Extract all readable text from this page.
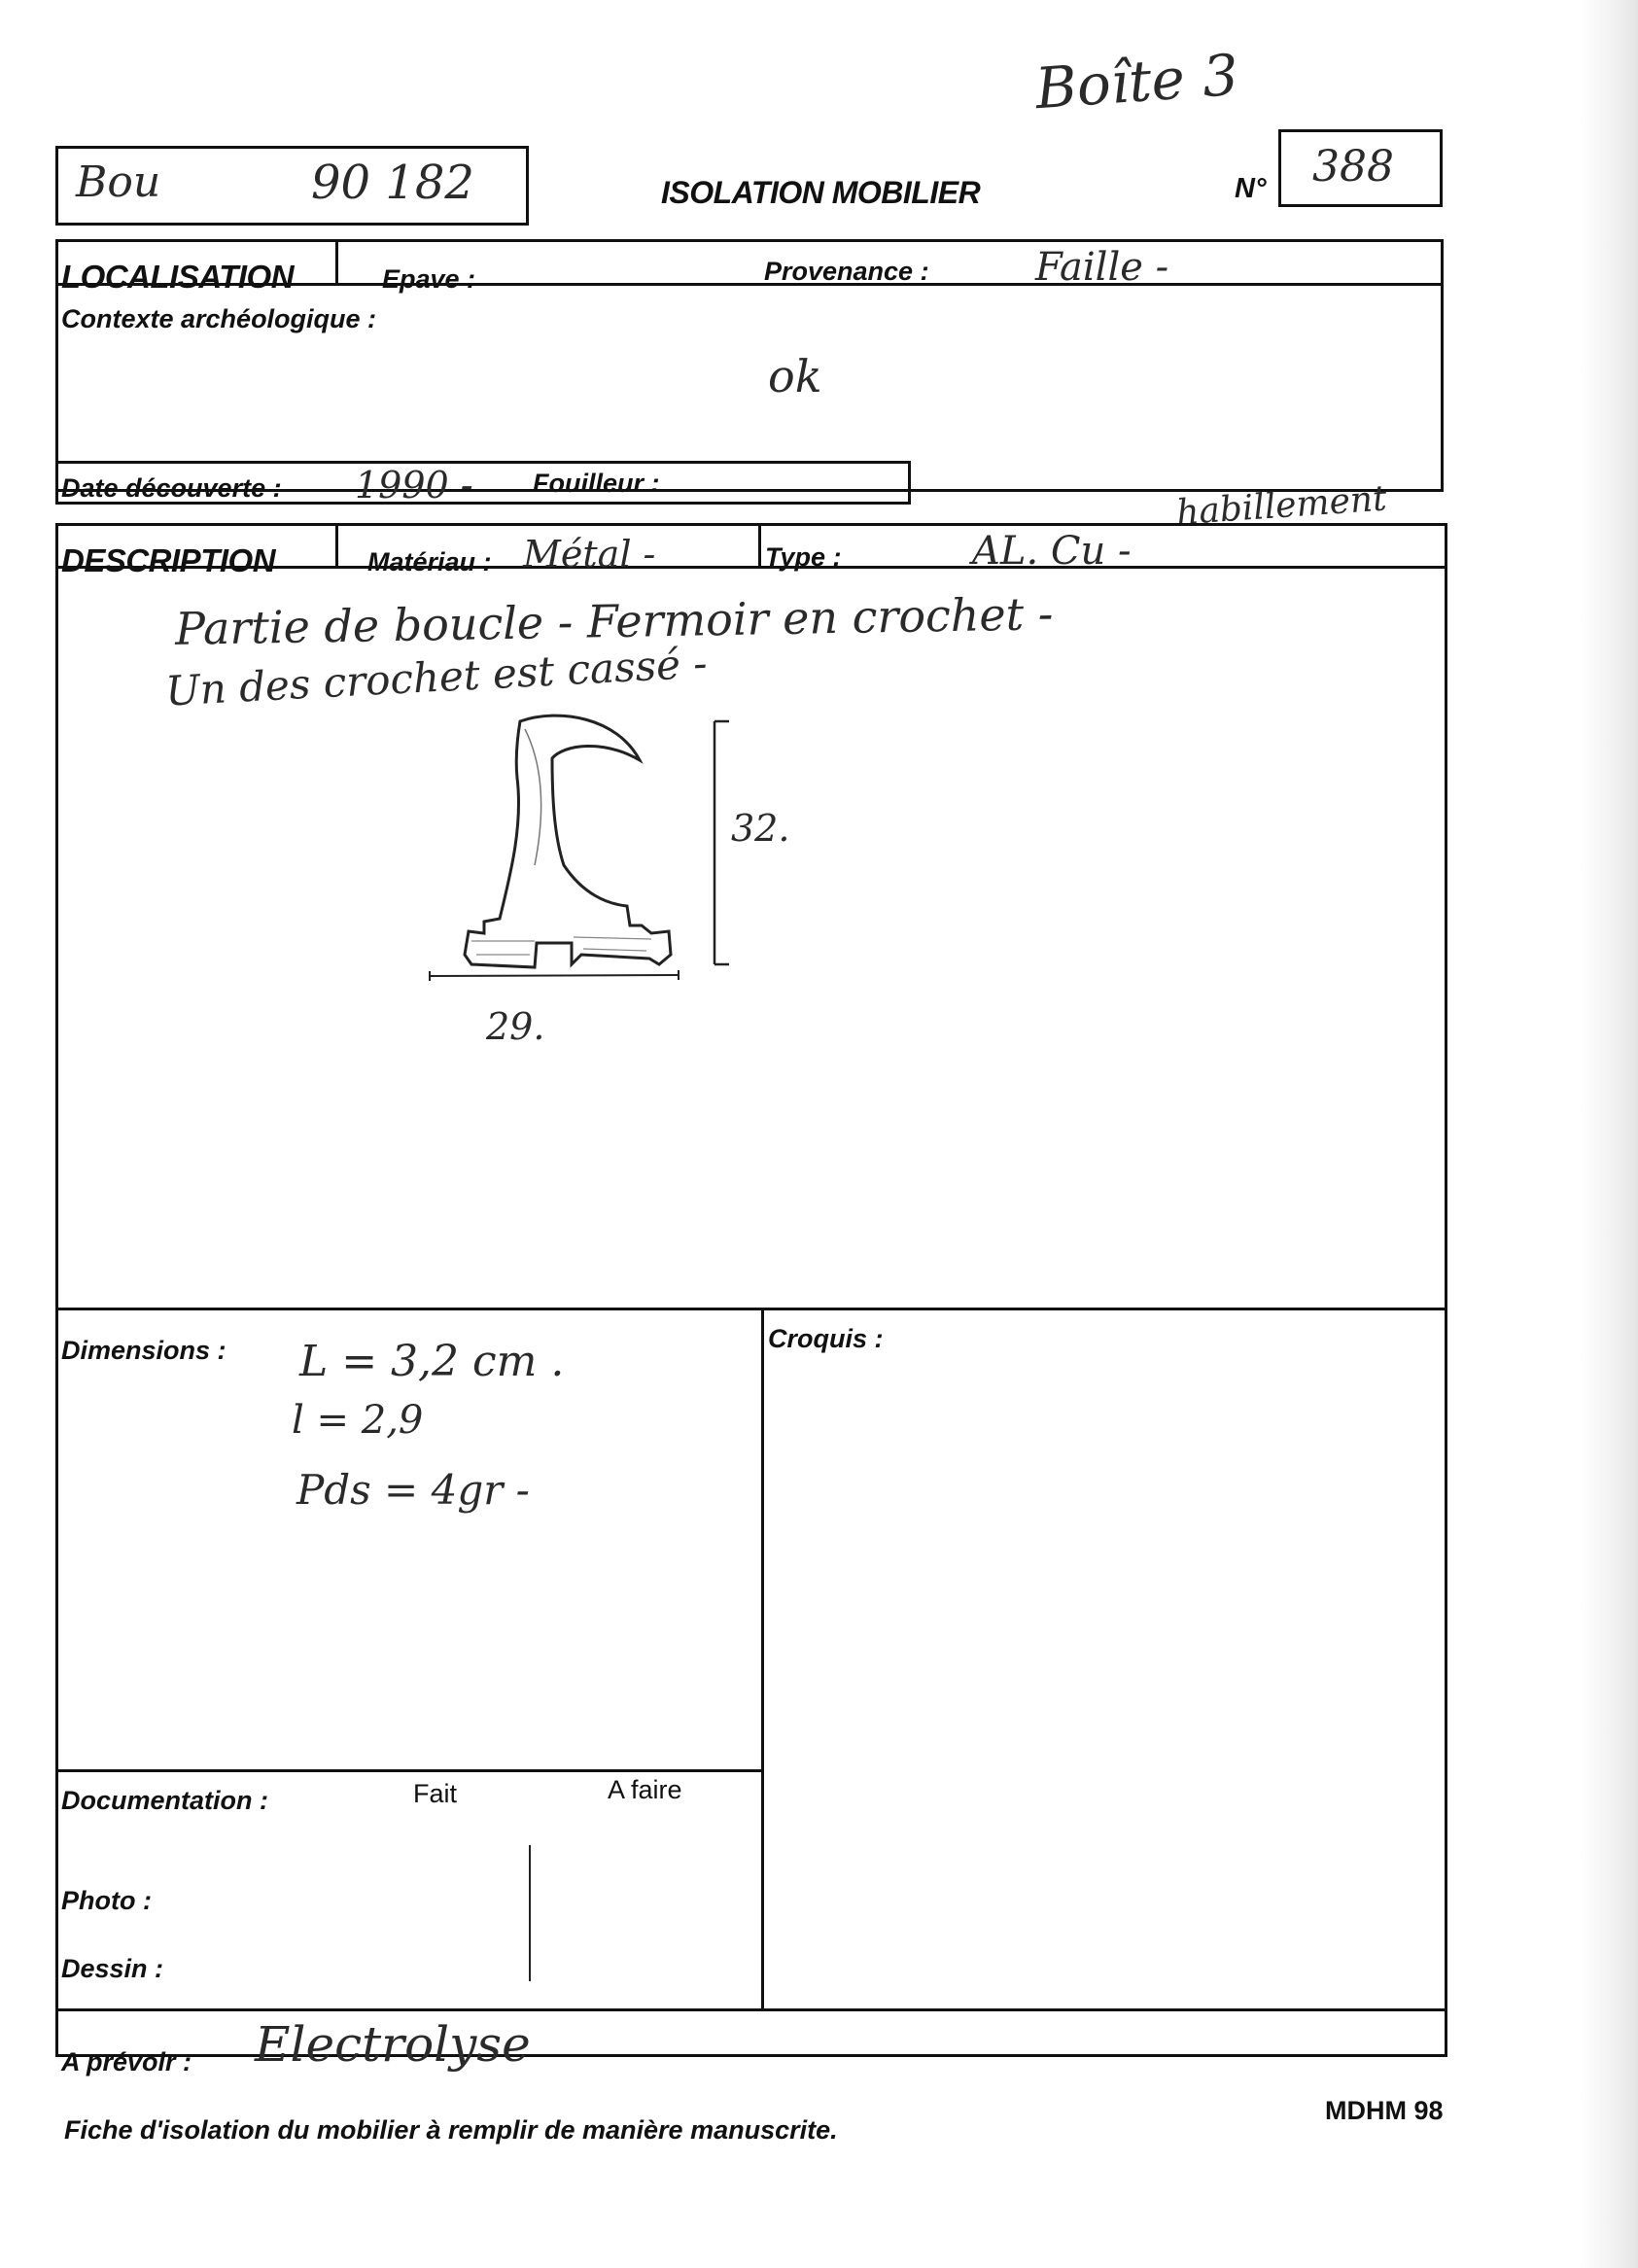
Boîte 3
Bou	90 182	ISOLATION MOBILIER	N° 388
LOCALISATION	Epave :	Provenance :	Faille -
Contexte archéologique :
ok
Date découverte : 1990 - Fouilleur :	habillement
DESCRIPTION	Matériau : Métal -	Type :	AL. Cu -
Partie de boucle - Fermoir en crochet -
Un des crochet est cassé -
32.
29.
Dimensions : L = 3,2 cm .
l = 2,9
Pds = 4gr -
Croquis :
Documentation :	Fait	A faire
Photo :
Dessin :
A prévoir : Electrolyse
Fiche d'isolation du mobilier à remplir de manière manuscrite.
MDHM 98
